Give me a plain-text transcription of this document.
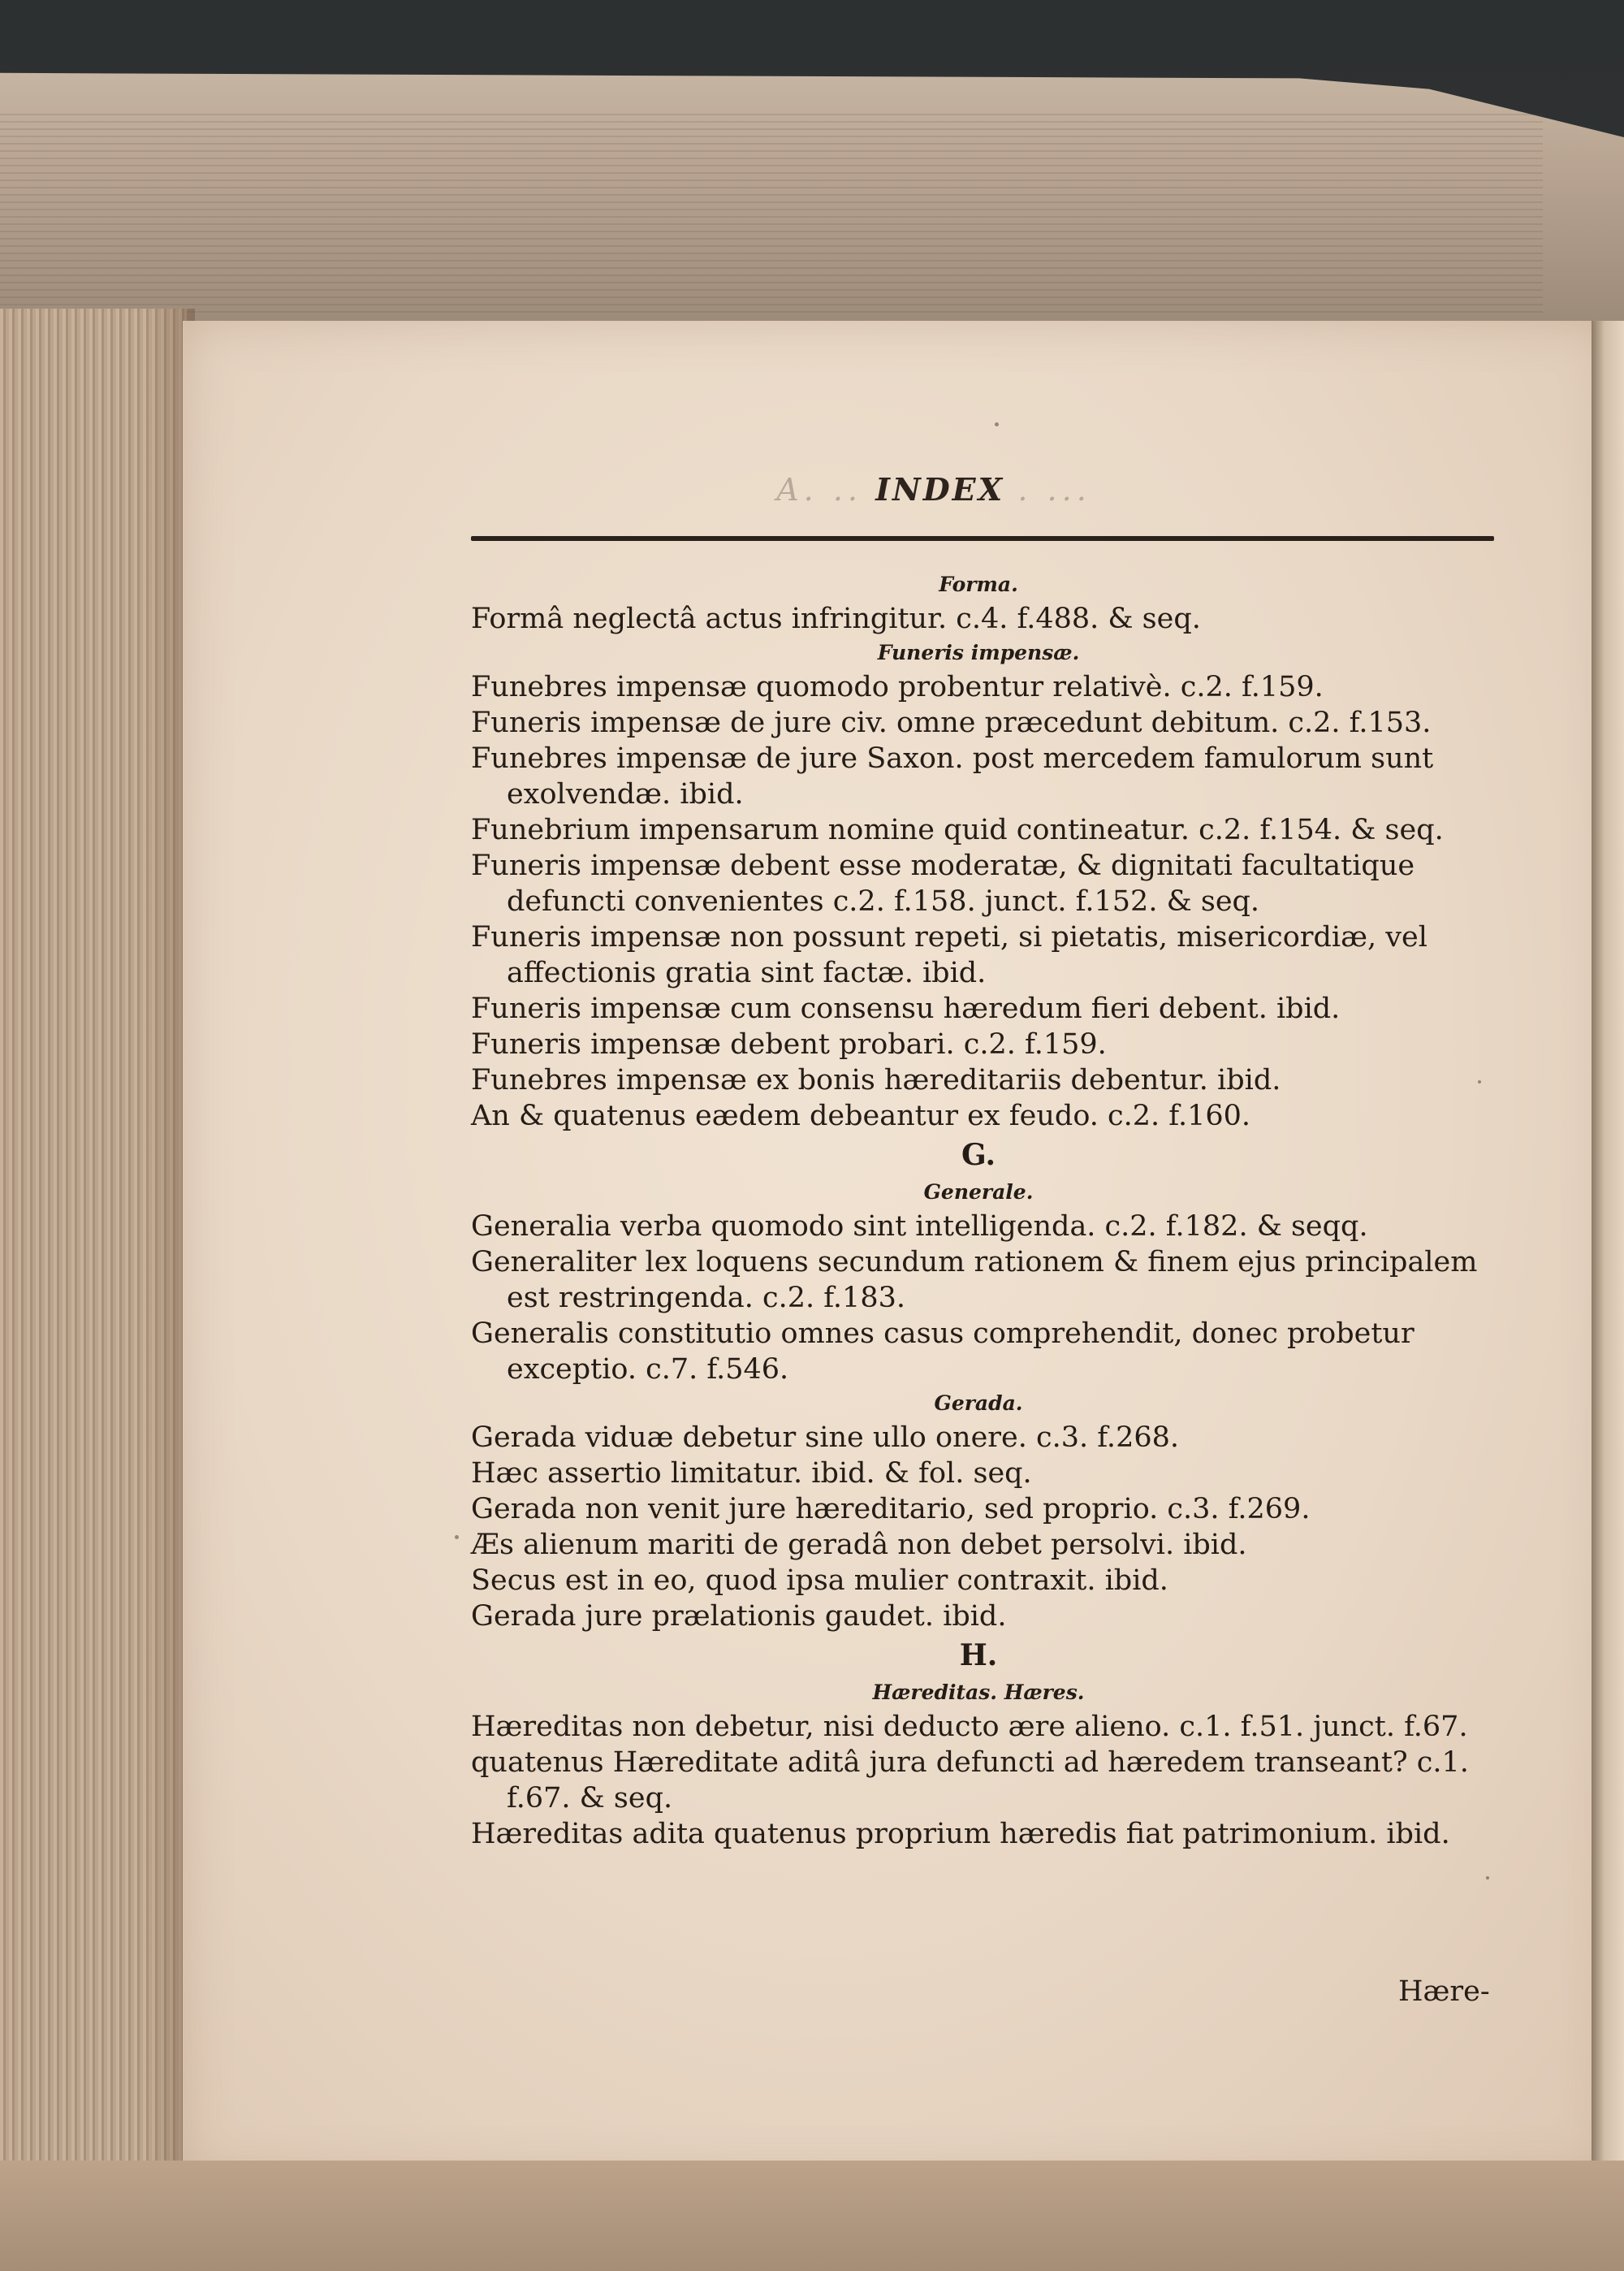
A. .. INDEX . ...
Forma.
Formâ neglectâ actus infringitur. c.4. f.488. & seq.
Funeris impensæ.
Funebres impensæ quomodo probentur relativè. c.2. f.159.
Funeris impensæ de jure civ. omne præcedunt debitum. c.2. f.153.
Funebres impensæ de jure Saxon. post mercedem famulorum sunt exolvendæ. ibid.
Funebrium impensarum nomine quid contineatur. c.2. f.154. & seq.
Funeris impensæ debent esse moderatæ, & dignitati facultatique defuncti convenientes c.2. f.158. junct. f.152. & seq.
Funeris impensæ non possunt repeti, si pietatis, misericordiæ, vel affectionis gratia sint factæ. ibid.
Funeris impensæ cum consensu hæredum fieri debent. ibid.
Funeris impensæ debent probari. c.2. f.159.
Funebres impensæ ex bonis hæreditariis debentur. ibid.
An & quatenus eædem debeantur ex feudo. c.2. f.160.
G.
Generale.
Generalia verba quomodo sint intelligenda. c.2. f.182. & seqq.
Generaliter lex loquens secundum rationem & finem ejus principalem est restringenda. c.2. f.183.
Generalis constitutio omnes casus comprehendit, donec probetur exceptio. c.7. f.546.
Gerada.
Gerada viduæ debetur sine ullo onere. c.3. f.268.
Hæc assertio limitatur. ibid. & fol. seq.
Gerada non venit jure hæreditario, sed proprio. c.3. f.269.
Æs alienum mariti de geradâ non debet persolvi. ibid.
Secus est in eo, quod ipsa mulier contraxit. ibid.
Gerada jure prælationis gaudet. ibid.
H.
Hæreditas. Hæres.
Hæreditas non debetur, nisi deducto ære alieno. c.1. f.51. junct. f.67.
quatenus Hæreditate aditâ jura defuncti ad hæredem transeant? c.1. f.67. & seq.
Hæreditas adita quatenus proprium hæredis fiat patrimonium. ibid.
Hære-
